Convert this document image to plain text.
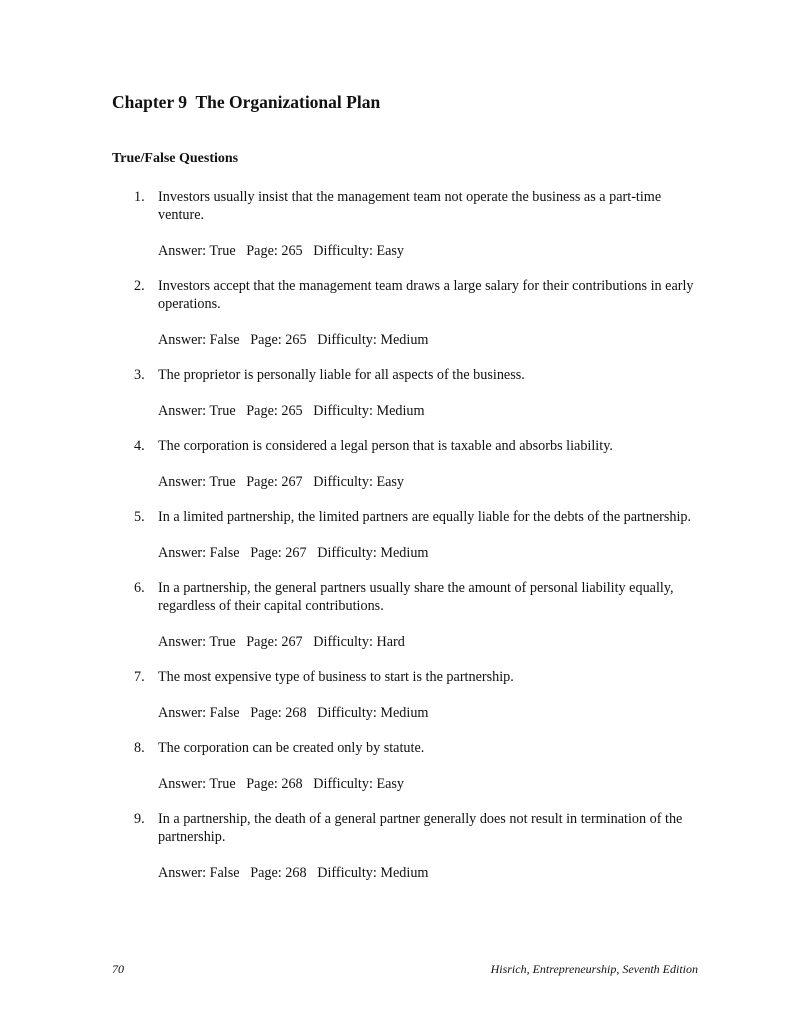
Chapter 9  The Organizational Plan
True/False Questions
1. Investors usually insist that the management team not operate the business as a part-time venture.
Answer: True   Page: 265   Difficulty: Easy
2. Investors accept that the management team draws a large salary for their contributions in early operations.
Answer: False   Page: 265   Difficulty: Medium
3. The proprietor is personally liable for all aspects of the business.
Answer: True   Page: 265   Difficulty: Medium
4. The corporation is considered a legal person that is taxable and absorbs liability.
Answer: True   Page: 267   Difficulty: Easy
5. In a limited partnership, the limited partners are equally liable for the debts of the partnership.
Answer: False   Page: 267   Difficulty: Medium
6. In a partnership, the general partners usually share the amount of personal liability equally, regardless of their capital contributions.
Answer: True   Page: 267   Difficulty: Hard
7. The most expensive type of business to start is the partnership.
Answer: False   Page: 268   Difficulty: Medium
8. The corporation can be created only by statute.
Answer: True   Page: 268   Difficulty: Easy
9. In a partnership, the death of a general partner generally does not result in termination of the partnership.
Answer: False   Page: 268   Difficulty: Medium
70	Hisrich, Entrepreneurship, Seventh Edition
